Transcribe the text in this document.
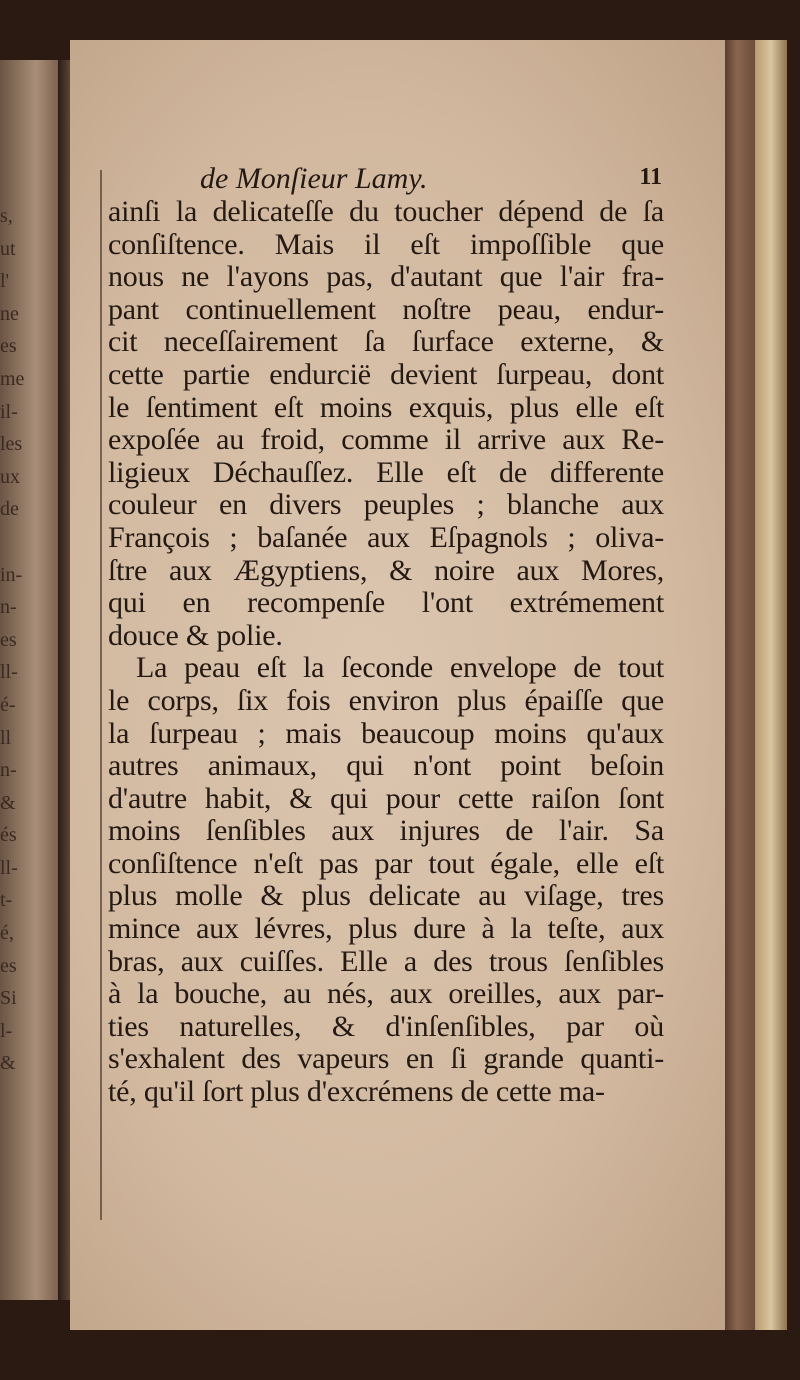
s,
ut
l'
ne
es
me
il-
les
ux
de
in-
n-
es
ll-
é-
ll
n-
&
és
ll-
t-
é,
es
Si
l-
&
de Monſieur Lamy.	11
ainſi la delicateſſe du toucher dépend de ſa
conſiſtence. Mais il eſt impoſſible que
nous ne l'ayons pas, d'autant que l'air fra-
pant continuellement noſtre peau, endur-
cit neceſſairement ſa ſurface externe, &
cette partie endurcië devient ſurpeau, dont
le ſentiment eſt moins exquis, plus elle eſt
expoſée au froid, comme il arrive aux Re-
ligieux Déchauſſez. Elle eſt de differente
couleur en divers peuples ; blanche aux
François ; baſanée aux Eſpagnols ; oliva-
ſtre aux Ægyptiens, & noire aux Mores,
qui en recompenſe l'ont extrémement
douce & polie.
La peau eſt la ſeconde envelope de tout
le corps, ſix fois environ plus épaiſſe que
la ſurpeau ; mais beaucoup moins qu'aux
autres animaux, qui n'ont point beſoin
d'autre habit, & qui pour cette raiſon ſont
moins ſenſibles aux injures de l'air. Sa
conſiſtence n'eſt pas par tout égale, elle eſt
plus molle & plus delicate au viſage, tres
mince aux lévres, plus dure à la teſte, aux
bras, aux cuiſſes. Elle a des trous ſenſibles
à la bouche, au nés, aux oreilles, aux par-
ties naturelles, & d'inſenſibles, par où
s'exhalent des vapeurs en ſi grande quanti-
té, qu'il ſort plus d'excrémens de cette ma-
